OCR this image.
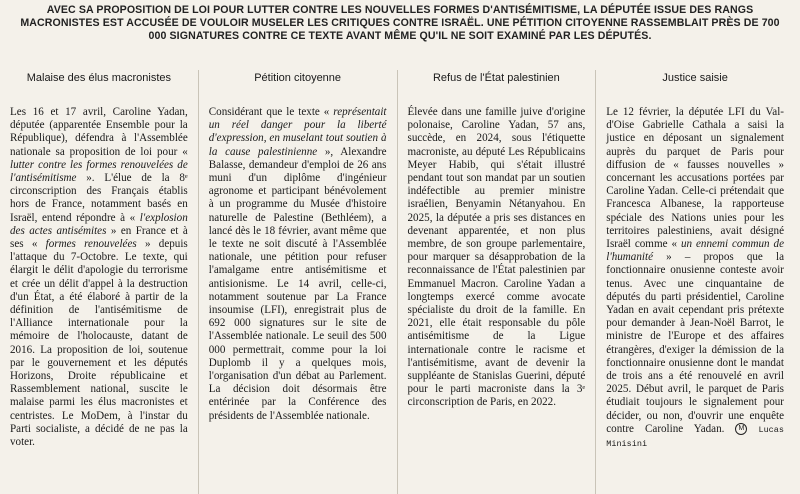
AVEC SA PROPOSITION DE LOI POUR LUTTER CONTRE LES NOUVELLES FORMES D'ANTISÉMITISME, LA DÉPUTÉE ISSUE DES RANGS MACRONISTES EST ACCUSÉE DE VOULOIR MUSELER LES CRITIQUES CONTRE ISRAËL. UNE PÉTITION CITOYENNE RASSEMBLAIT PRÈS DE 700 000 SIGNATURES CONTRE CE TEXTE AVANT MÊME QU'IL NE SOIT EXAMINÉ PAR LES DÉPUTÉS.
Malaise des élus macronistes

Les 16 et 17 avril, Caroline Yadan, députée (apparentée Ensemble pour la République), défendra à l'Assemblée nationale sa proposition de loi pour « lutter contre les formes renouvelées de l'antisémitisme ». L'élue de la 8ᵉ circonscription des Français établis hors de France, notamment basés en Israël, entend répondre à « l'explosion des actes antisémites » en France et à ses « formes renouvelées » depuis l'attaque du 7-Octobre. Le texte, qui élargit le délit d'apologie du terrorisme et crée un délit d'appel à la destruction d'un État, a été élaboré à partir de la définition de l'antisémitisme de l'Alliance internationale pour la mémoire de l'holocauste, datant de 2016. La proposition de loi, soutenue par le gouvernement et les députés Horizons, Droite républicaine et Rassemblement national, suscite le malaise parmi les élus macronistes et centristes. Le MoDem, à l'instar du Parti socialiste, a décidé de ne pas la voter.

Pétition citoyenne

Considérant que le texte « représentait un réel danger pour la liberté d'expression, en muselant tout soutien à la cause palestinienne », Alexandre Balasse, demandeur d'emploi de 26 ans muni d'un diplôme d'ingénieur agronome et participant bénévolement à un programme du Musée d'histoire naturelle de Palestine (Bethléem), a lancé dès le 18 février, avant même que le texte ne soit discuté à l'Assemblée nationale, une pétition pour refuser l'amalgame entre antisémitisme et antisionisme. Le 14 avril, celle-ci, notamment soutenue par La France insoumise (LFI), enregistrait plus de 692 000 signatures sur le site de l'Assemblée nationale. Le seuil des 500 000 permettrait, comme pour la loi Duplomb il y a quelques mois, l'organisation d'un débat au Parlement. La décision doit désormais être entérinée par la Conférence des présidents de l'Assemblée nationale.

Refus de l'État palestinien

Élevée dans une famille juive d'origine polonaise, Caroline Yadan, 57 ans, succède, en 2024, sous l'étiquette macroniste, au député Les Républicains Meyer Habib, qui s'était illustré pendant tout son mandat par un soutien indéfectible au premier ministre israélien, Benyamin Nétanyahou. En 2025, la députée a pris ses distances en devenant apparentée, et non plus membre, de son groupe parlementaire, pour marquer sa désapprobation de la reconnaissance de l'État palestinien par Emmanuel Macron. Caroline Yadan a longtemps exercé comme avocate spécialiste du droit de la famille. En 2021, elle était responsable du pôle antisémitisme de la Ligue internationale contre le racisme et l'antisémitisme, avant de devenir la suppléante de Stanislas Guerini, député pour le parti macroniste dans la 3ᵉ circonscription de Paris, en 2022.

Justice saisie

Le 12 février, la députée LFI du Val-d'Oise Gabrielle Cathala a saisi la justice en déposant un signalement auprès du parquet de Paris pour diffusion de « fausses nouvelles » concernant les accusations portées par Caroline Yadan. Celle-ci prétendait que Francesca Albanese, la rapporteuse spéciale des Nations unies pour les territoires palestiniens, avait désigné Israël comme « un ennemi commun de l'humanité » – propos que la fonctionnaire onusienne conteste avoir tenus. Avec une cinquantaine de députés du parti présidentiel, Caroline Yadan en avait cependant pris prétexte pour demander à Jean-Noël Barrot, le ministre de l'Europe et des affaires étrangères, d'exiger la démission de la fonctionnaire onusienne dont le mandat de trois ans a été renouvelé en avril 2025. Début avril, le parquet de Paris étudiait toujours le signalement pour décider, ou non, d'ouvrir une enquête contre Caroline Yadan. M Lucas Minisini
